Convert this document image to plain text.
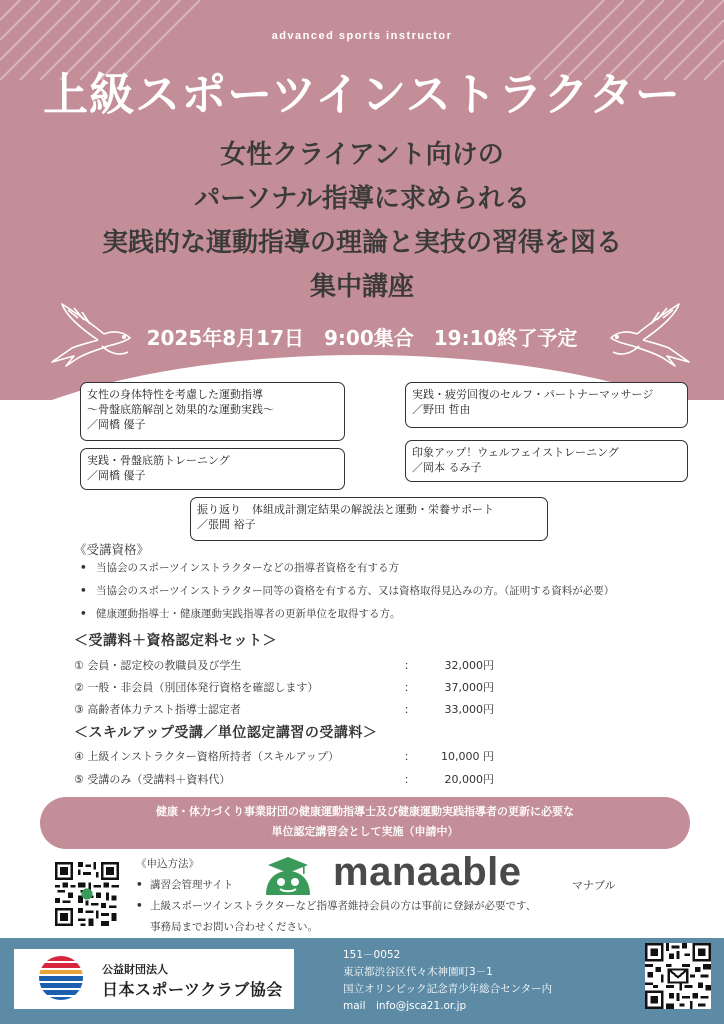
advanced sports instructor
上級スポーツインストラクター
女性クライアント向けの
パーソナル指導に求められる
実践的な運動指導の理論と実技の習得を図る
集中講座
2025年8月17日　9:00集合　19:10終了予定
女性の身体特性を考慮した運動指導
～骨盤底筋解剖と効果的な運動実践～
／岡橋 優子
実践・骨盤底筋トレーニング
／岡橋 優子
実践・疲労回復のセルフ・パートナーマッサージ
／野田 哲由
印象アップ！ウェルフェイストレーニング
／岡本 るみ子
振り返り　体組成計測定結果の解説法と運動・栄養サポート
／張間 裕子
《受講資格》
• 当協会のスポーツインストラクターなどの指導者資格を有する方
• 当協会のスポーツインストラクター同等の資格を有する方、又は資格取得見込みの方。（証明する資料が必要）
• 健康運動指導士・健康運動実践指導者の更新単位を取得する方。
＜受講料＋資格認定料セット＞
① 会員・認定校の教職員及び学生	：	32,000円
② 一般・非会員（別団体発行資格を確認します）	：	37,000円
③ 高齢者体力テスト指導士認定者	：	33,000円
＜スキルアップ受講／単位認定講習の受講料＞
④ 上級インストラクター資格所持者（スキルアップ）	：	10,000 円
⑤ 受講のみ（受講料＋資料代）	：	20,000円
健康・体力づくり事業財団の健康運動指導士及び健康運動実践指導者の更新に必要な
単位認定講習会として実施（申請中）
《申込方法》
• 講習会管理サイト
• 上級スポーツインストラクターなど指導者維持会員の方は事前に登録が必要です、
事務局までお問い合わせください。
manaable	マナブル
公益財団法人
日本スポーツクラブ協会
151－0052
東京都渋谷区代々木神園町3－1
国立オリンピック記念青少年総合センター内
mail　info@jsca21.or.jp
